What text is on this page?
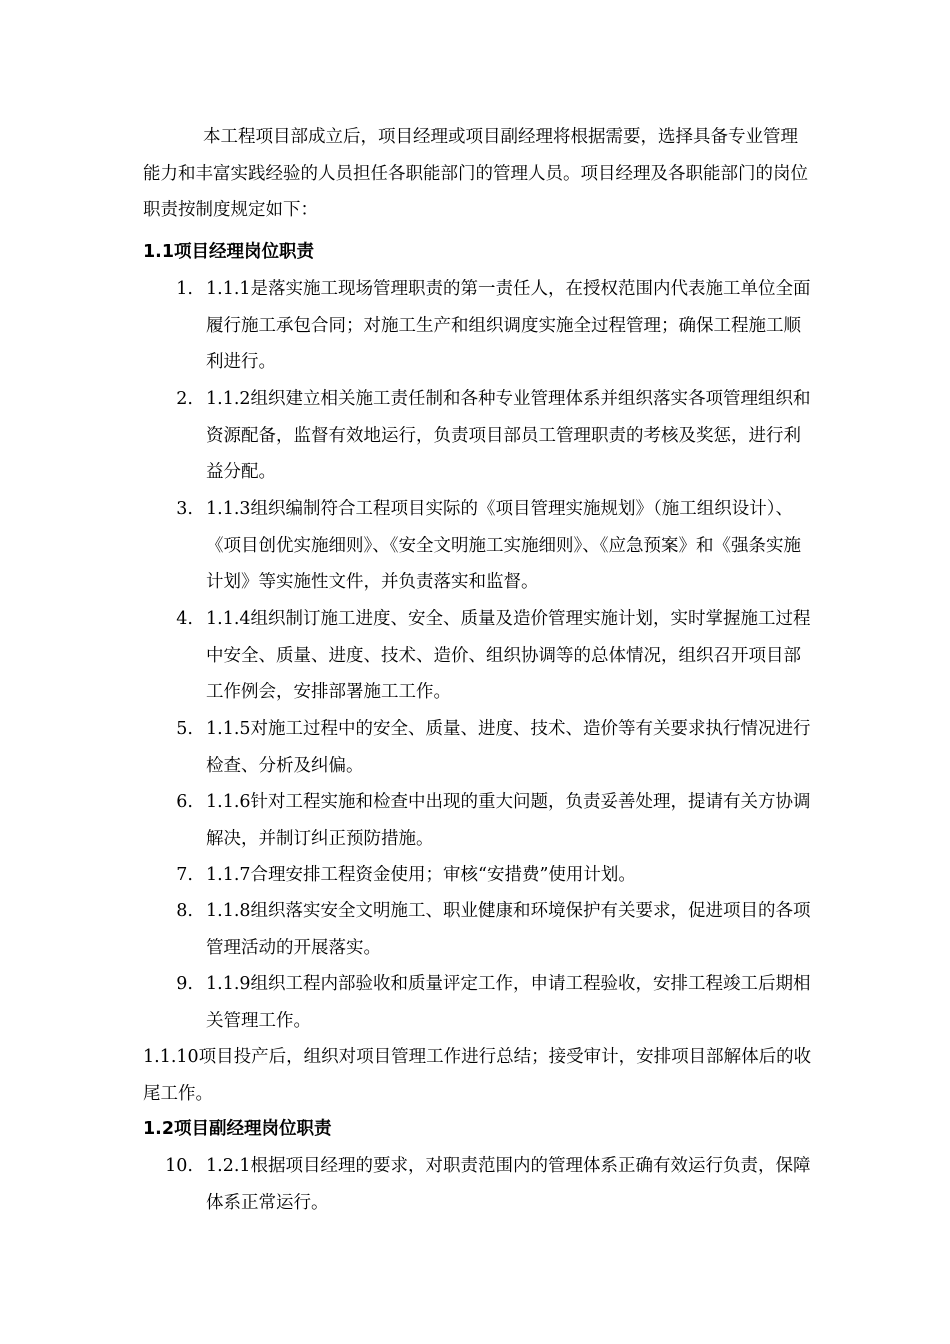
本工程项目部成立后，项目经理或项目副经理将根据需要，选择具备专业管理能力和丰富实践经验的人员担任各职能部门的管理人员。项目经理及各职能部门的岗位职责按制度规定如下：

1.1项目经理岗位职责
1. 1.1.1是落实施工现场管理职责的第一责任人，在授权范围内代表施工单位全面履行施工承包合同；对施工生产和组织调度实施全过程管理；确保工程施工顺利进行。
2. 1.1.2组织建立相关施工责任制和各种专业管理体系并组织落实各项管理组织和资源配备，监督有效地运行，负责项目部员工管理职责的考核及奖惩，进行利益分配。
3. 1.1.3组织编制符合工程项目实际的《项目管理实施规划》（施工组织设计）、《项目创优实施细则》、《安全文明施工实施细则》、《应急预案》和《强条实施计划》等实施性文件，并负责落实和监督。
4. 1.1.4组织制订施工进度、安全、质量及造价管理实施计划，实时掌握施工过程中安全、质量、进度、技术、造价、组织协调等的总体情况，组织召开项目部工作例会，安排部署施工工作。
5. 1.1.5对施工过程中的安全、质量、进度、技术、造价等有关要求执行情况进行检查、分析及纠偏。
6. 1.1.6针对工程实施和检查中出现的重大问题，负责妥善处理，提请有关方协调解决，并制订纠正预防措施。
7. 1.1.7合理安排工程资金使用；审核“安措费”使用计划。
8. 1.1.8组织落实安全文明施工、职业健康和环境保护有关要求，促进项目的各项管理活动的开展落实。
9. 1.1.9组织工程内部验收和质量评定工作，申请工程验收，安排工程竣工后期相关管理工作。

1.1.10项目投产后，组织对项目管理工作进行总结；接受审计，安排项目部解体后的收尾工作。

1.2项目副经理岗位职责
10. 1.2.1根据项目经理的要求，对职责范围内的管理体系正确有效运行负责，保障体系正常运行。
